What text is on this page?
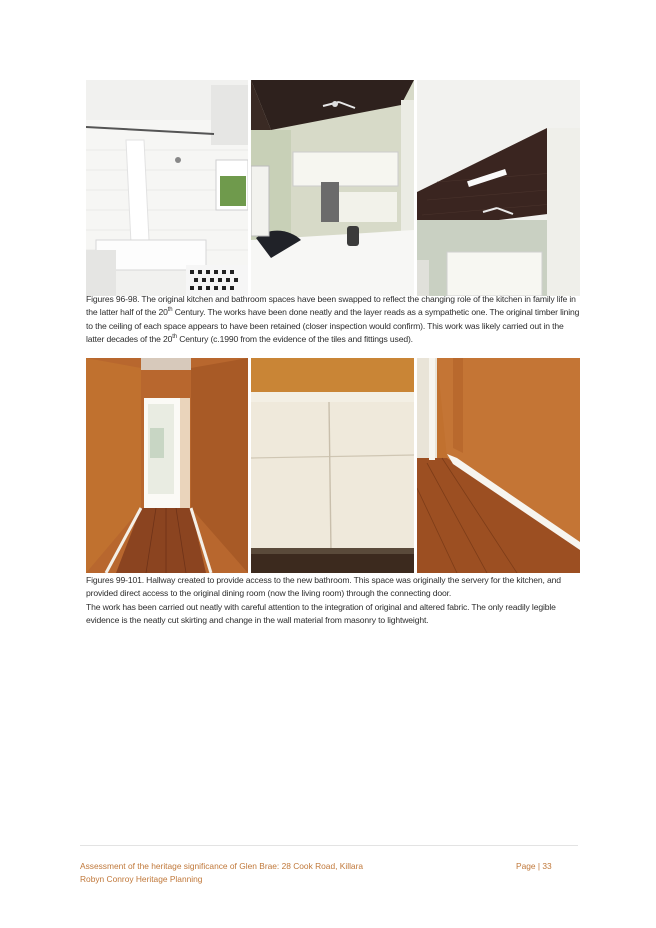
Figures 96-98. The original kitchen and bathroom spaces have been swapped to reflect the changing role of the kitchen in family life in the latter half of the 20th Century. The works have been done neatly and the layer reads as a sympathetic one. The original timber lining to the ceiling of each space appears to have been retained (closer inspection would confirm). This work was likely carried out in the latter decades of the 20th Century (c.1990 from the evidence of the tiles and fittings used).

Figures 99-101. Hallway created to provide access to the new bathroom. This space was originally the servery for the kitchen, and provided direct access to the original dining room (now the living room) through the connecting door.

The work has been carried out neatly with careful attention to the integration of original and altered fabric. The only readily legible evidence is the neatly cut skirting and change in the wall material from masonry to lightweight.

Assessment of the heritage significance of Glen Brae: 28 Cook Road, Killara
Robyn Conroy Heritage Planning
Page | 33
